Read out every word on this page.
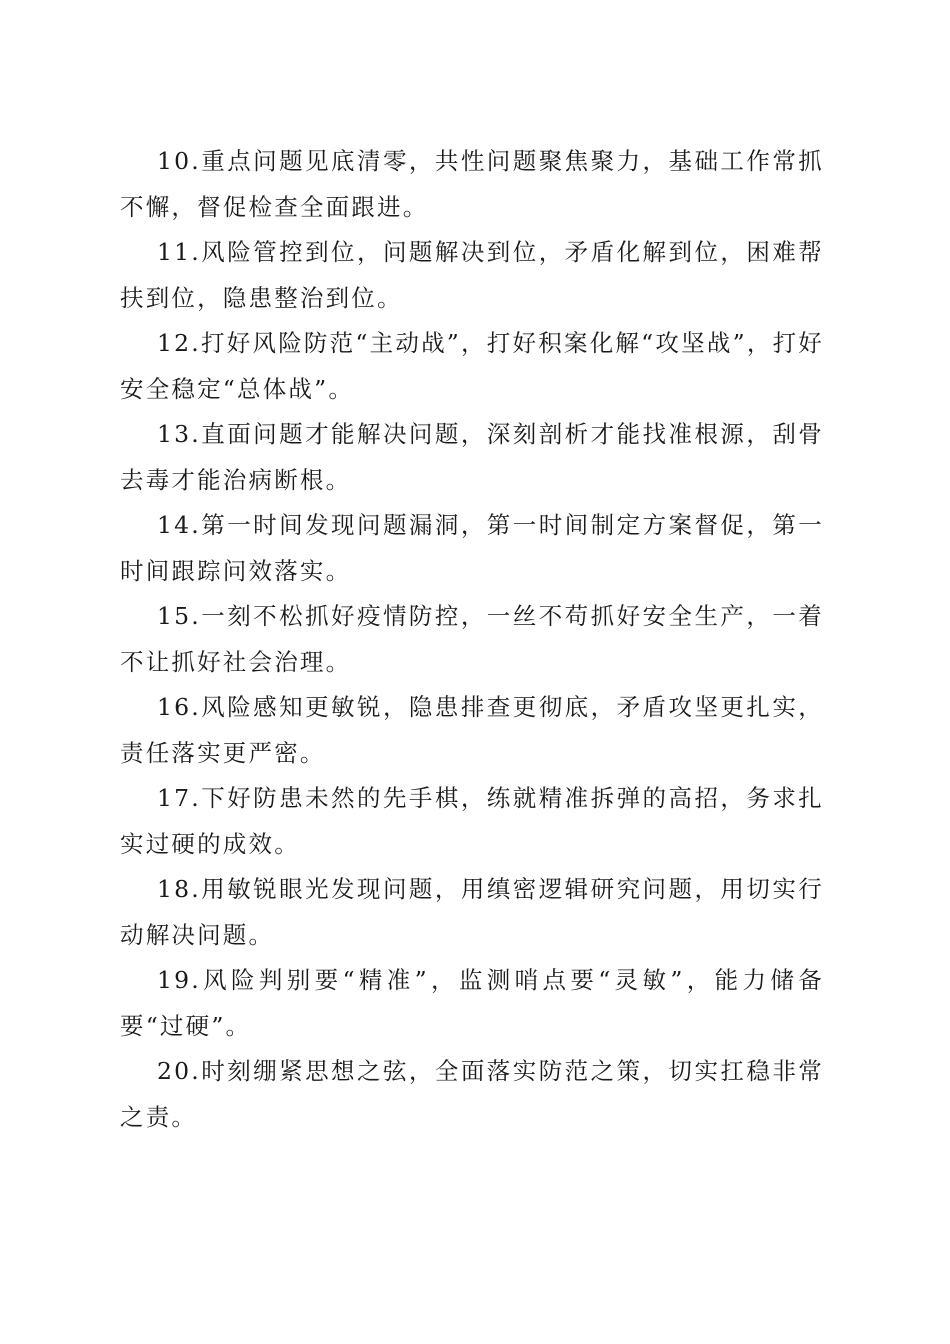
10.重点问题见底清零，共性问题聚焦聚力，基础工作常抓不懈，督促检查全面跟进。

11.风险管控到位，问题解决到位，矛盾化解到位，困难帮扶到位，隐患整治到位。

12.打好风险防范“主动战”，打好积案化解“攻坚战”，打好安全稳定“总体战”。

13.直面问题才能解决问题，深刻剖析才能找准根源，刮骨去毒才能治病断根。

14.第一时间发现问题漏洞，第一时间制定方案督促，第一时间跟踪问效落实。

15.一刻不松抓好疫情防控，一丝不苟抓好安全生产，一着不让抓好社会治理。

16.风险感知更敏锐，隐患排查更彻底，矛盾攻坚更扎实，责任落实更严密。

17.下好防患未然的先手棋，练就精准拆弹的高招，务求扎实过硬的成效。

18.用敏锐眼光发现问题，用缜密逻辑研究问题，用切实行动解决问题。

19.风险判别要“精准”，监测哨点要“灵敏”，能力储备要“过硬”。

20.时刻绷紧思想之弦，全面落实防范之策，切实扛稳非常之责。
